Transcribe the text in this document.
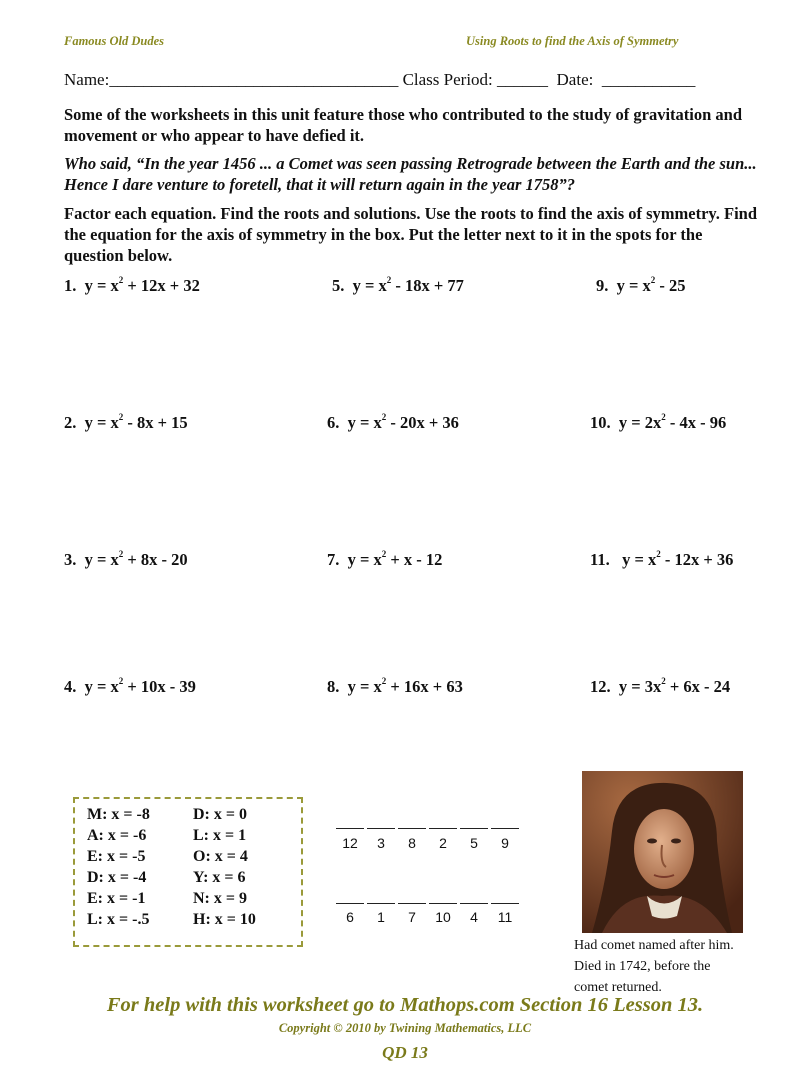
Famous Old Dudes	Using Roots to find the Axis of Symmetry
Name:__________________________________ Class Period: ______ Date: ___________
Some of the worksheets in this unit feature those who contributed to the study of gravitation and movement or who appear to have defied it.
Who said, “In the year 1456 ... a Comet was seen passing Retrograde between the Earth and the sun... Hence I dare venture to foretell, that it will return again in the year 1758”?
Factor each equation. Find the roots and solutions. Use the roots to find the axis of symmetry. Find the equation for the axis of symmetry in the box. Put the letter next to it in the spots for the question below.
1. $y = x^2 + 12x + 32$
2. $y = x^2 - 8x + 15$
3. $y = x^2 + 8x - 20$
4. $y = x^2 + 10x - 39$
5. $y = x^2 - 18x + 77$
6. $y = x^2 - 20x + 36$
7. $y = x^2 + x - 12$
8. $y = x^2 + 16x + 63$
9. $y = x^2 - 25$
10. $y = 2x^2 - 4x - 96$
11. $y = x^2 - 12x + 36$
12. $y = 3x^2 + 6x - 24$
M: x = -8
A: x = -6
E: x = -5
D: x = -4
E: x = -1
L: x = -.5
D: x = 0
L: x = 1
O: x = 4
Y: x = 6
N: x = 9
H: x = 10
12	3	8	2	5	9
6	1	7	10	4	11
Had comet named after him.
Died in 1742, before the
comet returned.
For help with this worksheet go to Mathops.com Section 16 Lesson 13.
Copyright © 2010 by Twining Mathematics, LLC
QD 13
